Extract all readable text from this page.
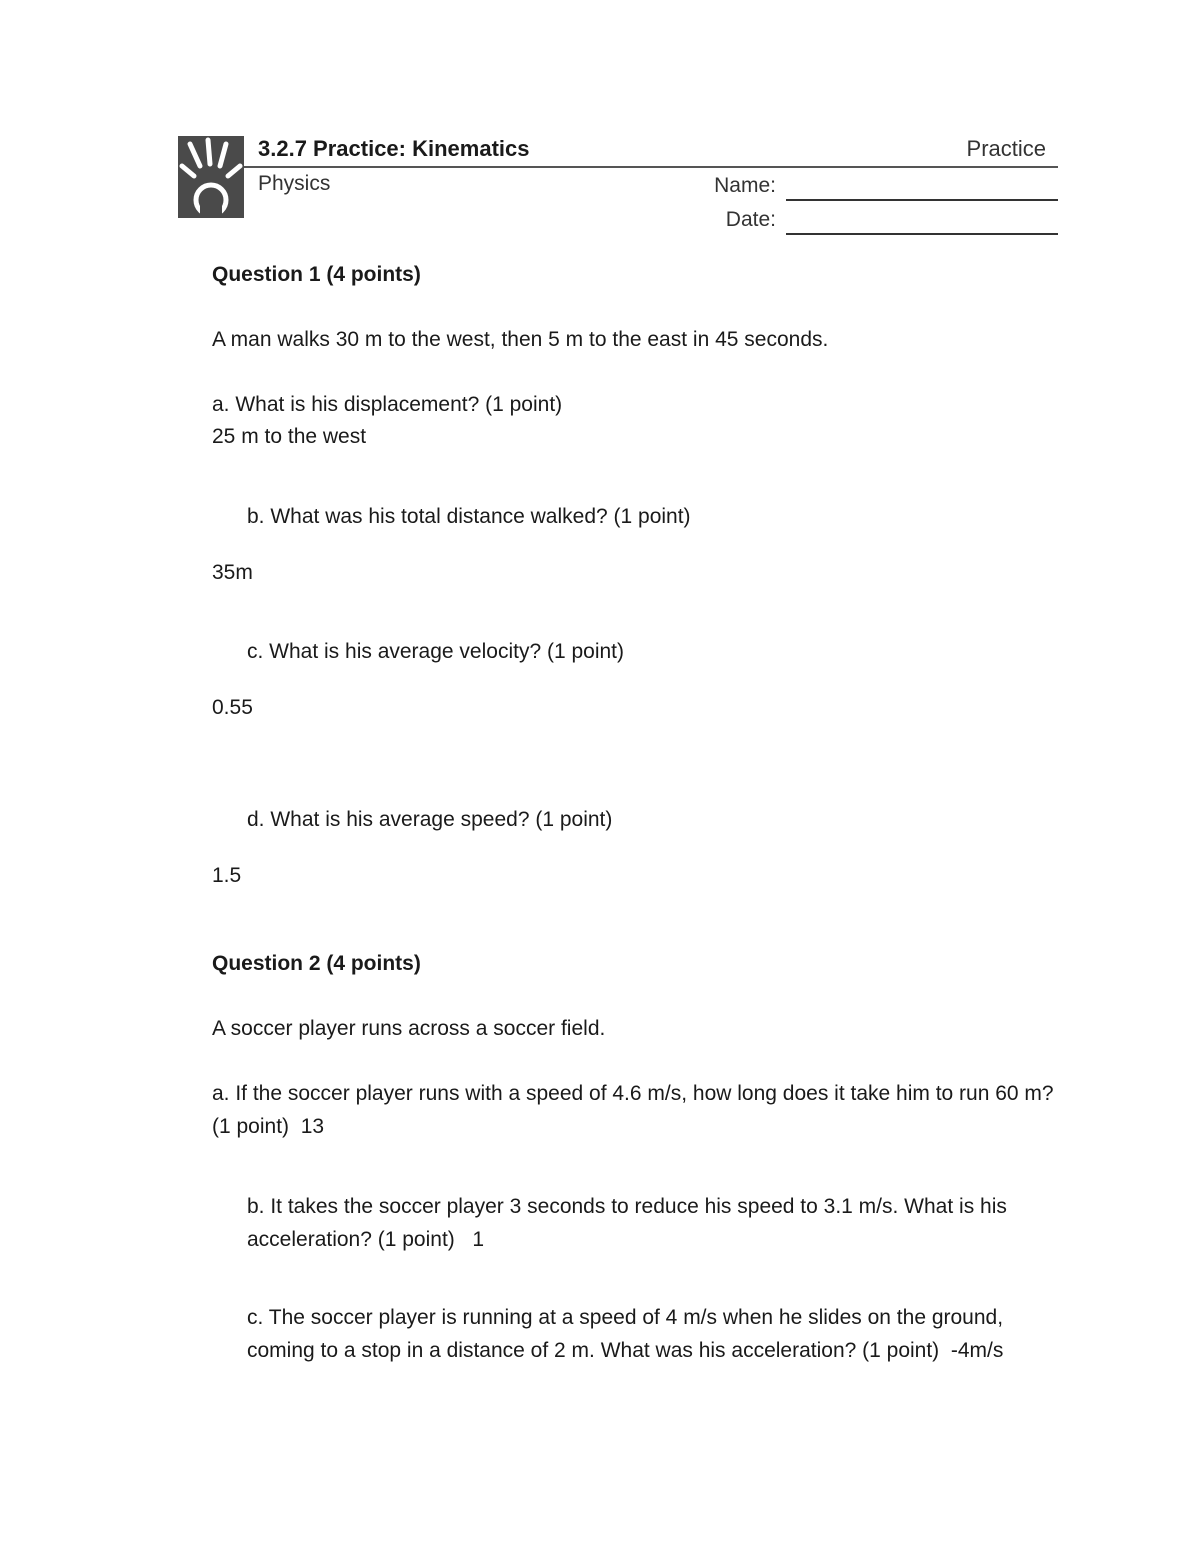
3.2.7 Practice: Kinematics	Practice
Physics	Name:
Date:
Question 1 (4 points)
A man walks 30 m to the west, then 5 m to the east in 45 seconds.
a. What is his displacement? (1 point)
25 m to the west
b. What was his total distance walked? (1 point)
35m
c. What is his average velocity? (1 point)
0.55
d. What is his average speed? (1 point)
1.5
Question 2 (4 points)
A soccer player runs across a soccer field.
a. If the soccer player runs with a speed of 4.6 m/s, how long does it take him to run 60 m? (1 point) 13
b. It takes the soccer player 3 seconds to reduce his speed to 3.1 m/s. What is his acceleration? (1 point) 1
c. The soccer player is running at a speed of 4 m/s when he slides on the ground, coming to a stop in a distance of 2 m. What was his acceleration? (1 point) -4m/s
